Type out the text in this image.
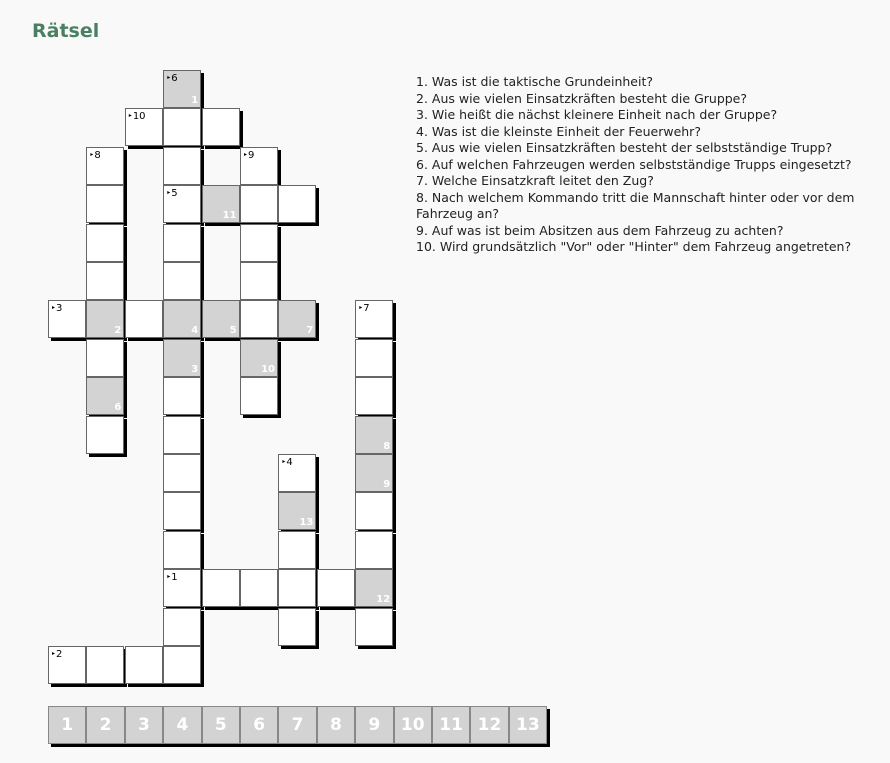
Rätsel
▸ 6
1
▸ 10
▸ 8
▸	9
▸ 5
11
▸ 3
2	4	5	7
▸ 7
3	10
6
8
▸ 4
9
13
▸ 1
12
▸ 2

1. Was ist die taktische Grundeinheit?

2. Aus wie vielen Einsatzkräften besteht die Gruppe?

3. Wie heißt die nächst kleinere Einheit nach der Gruppe?

4. Was ist die kleinste Einheit der Feuerwehr?

5. Aus wie vielen Einsatzkräften besteht der selbstständige Trupp?

6. Auf welchen Fahrzeugen werden selbstständige Trupps eingesetzt?

7. Welche Einsatzkraft leitet den Zug?

8. Nach welchem Kommando tritt die Mannschaft hinter oder vor dem Fahrzeug an?

9. Auf was ist beim Absitzen aus dem Fahrzeug zu achten?

10. Wird grundsätzlich "Vor" oder "Hinter" dem Fahrzeug angetreten?

1	2	3	4	5	6	7	8	9	10 11 12 13
